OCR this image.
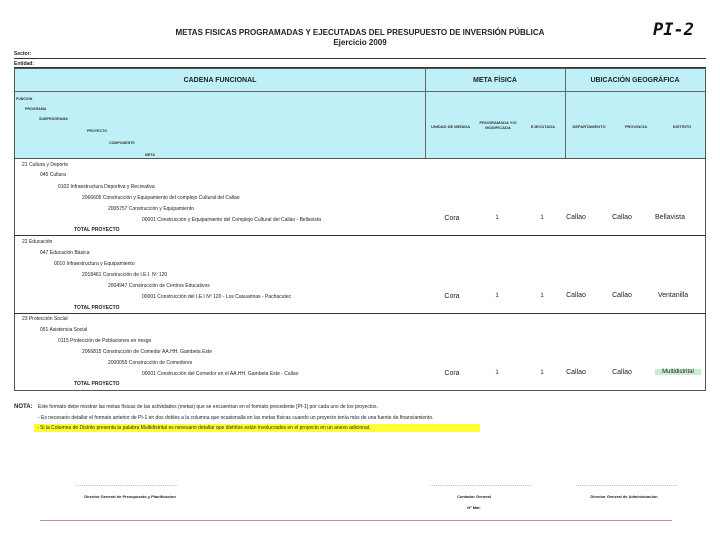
METAS FISICAS PROGRAMADAS Y EJECUTADAS DEL PRESUPUESTO DE INVERSIÓN PÚBLICA
Ejercicio 2009
PI-2
Sector:
Entidad:
CADENA FUNCIONAL	META FÍSICA	UBICACIÓN GEOGRÁFICA
FUNCION
PROGRAMA
SUBPROGRAMA
PROYECTO
COMPONENTE
META
UNIDAD DE MEDIDA
PROGRAMADA Y/O MODIFICADA	EJECUTADA	DEPARTAMENTO	PROVINCIA	DISTRITO
21 Cultura y Deporte
045 Cultura
0102 Infraestructura Deportiva y Recreativa
2066605 Construcción y Equipamiento del complejo Cultural del Callao
2005757 Construcción y Equipamiento
00001 Construcción y Equipamiento del Complejo Cultural del Callao - Bellavista
TOTAL PROYECTO
Cora	1	1	Callao	Callao	Bellavista
22 Educación
047 Educación Básica
0010 Infraestructura y Equipamiento
2018461 Construcción de I.E.I. Nº 120
2004947 Construcción de Centros Educativos
00001 Construcción del I.E.I Nº 120 - Los Casuarinas - Pachacutec
TOTAL PROYECTO
Cora	1	1	Callao	Callao	Ventanilla
23 Protección Social
051 Asistencia Social
0115 Protección de Poblaciones en riesgo
2066815 Construcción de Comedor AA.HH. Gambeta Este
2000055 Construcción de Comedores
00001 Construcción del Comedor en el AA.HH. Gambeta Este - Callao
TOTAL PROYECTO
Cora	1	1	Callao	Callao	Multidistrital
NOTA: Este formato debe mostrar las metas físicas de las actividades (metas) que se encuentran en el formato precedente [PI-1] por cada uno de los proyectos.
- Es necesario detallar el formato anterior de PI-1 en dos dobles a la columna que ocasionalla en las metas físicas cuando un proyecto tenía más de una fuente de financiamiento.
- Si la Columna de Distrito presenta la palabra Multidistrital es necesario detallar que distritos están involucrados en el proyecto en un anexo adicional.
......................................................
Director General de Presupuesto y Planificacion
......................................................
Contador General
Nº Mat.
......................................................
Director General de Administración
